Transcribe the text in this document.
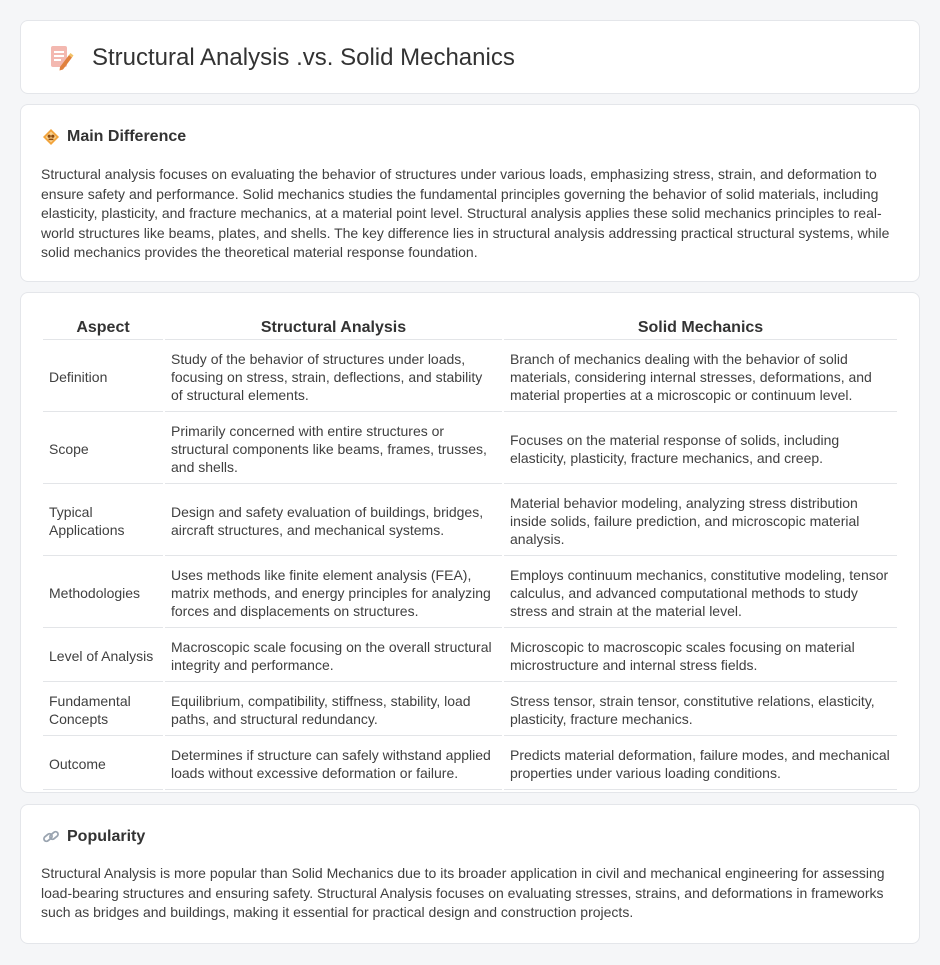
Structural Analysis .vs. Solid Mechanics
Main Difference

Structural analysis focuses on evaluating the behavior of structures under various loads, emphasizing stress, strain, and deformation to ensure safety and performance. Solid mechanics studies the fundamental principles governing the behavior of solid materials, including elasticity, plasticity, and fracture mechanics, at a material point level. Structural analysis applies these solid mechanics principles to real-world structures like beams, plates, and shells. The key difference lies in structural analysis addressing practical structural systems, while solid mechanics provides the theoretical material response foundation.

Aspect	Structural Analysis	Solid Mechanics
Definition	Study of the behavior of structures under loads, focusing on stress, strain, deflections, and stability of structural elements.	Branch of mechanics dealing with the behavior of solid materials, considering internal stresses, deformations, and material properties at a microscopic or continuum level.
Scope	Primarily concerned with entire structures or structural components like beams, frames, trusses, and shells.	Focuses on the material response of solids, including elasticity, plasticity, fracture mechanics, and creep.
Typical Applications	Design and safety evaluation of buildings, bridges, aircraft structures, and mechanical systems.	Material behavior modeling, analyzing stress distribution inside solids, failure prediction, and microscopic material analysis.
Methodologies	Uses methods like finite element analysis (FEA), matrix methods, and energy principles for analyzing forces and displacements on structures.	Employs continuum mechanics, constitutive modeling, tensor calculus, and advanced computational methods to study stress and strain at the material level.
Level of Analysis	Macroscopic scale focusing on the overall structural integrity and performance.	Microscopic to macroscopic scales focusing on material microstructure and internal stress fields.
Fundamental Concepts	Equilibrium, compatibility, stiffness, stability, load paths, and structural redundancy.	Stress tensor, strain tensor, constitutive relations, elasticity, plasticity, fracture mechanics.
Outcome	Determines if structure can safely withstand applied loads without excessive deformation or failure.	Predicts material deformation, failure modes, and mechanical properties under various loading conditions.
Popularity

Structural Analysis is more popular than Solid Mechanics due to its broader application in civil and mechanical engineering for assessing load-bearing structures and ensuring safety. Structural Analysis focuses on evaluating stresses, strains, and deformations in frameworks such as bridges and buildings, making it essential for practical design and construction projects.
